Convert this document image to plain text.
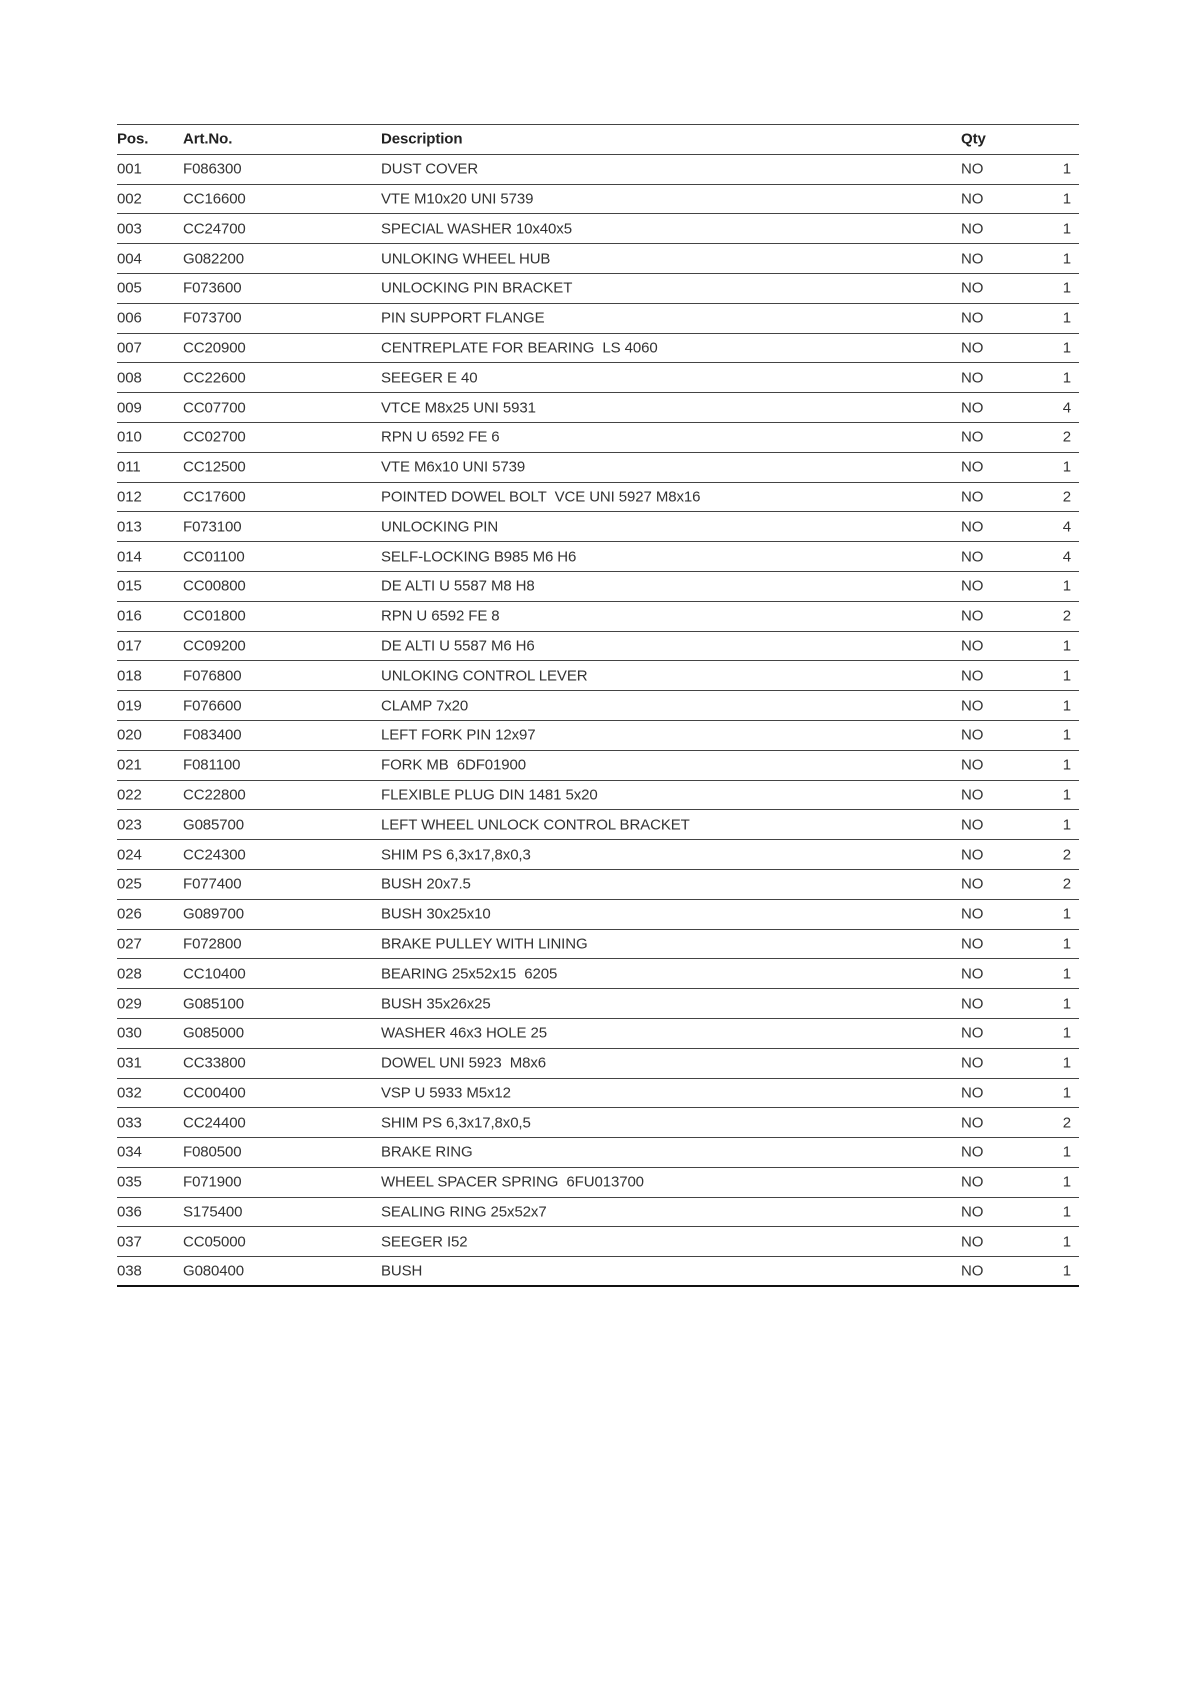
Pos. Art.No.	Description	Qty
001	F086300	DUST COVER	NO	1
002	CC16600	VTE M10x20 UNI 5739	NO	1
003	CC24700	SPECIAL WASHER 10x40x5	NO	1
004	G082200	UNLOKING WHEEL HUB	NO	1
005	F073600	UNLOCKING PIN BRACKET	NO	1
006	F073700	PIN SUPPORT FLANGE	NO	1
007	CC20900	CENTREPLATE FOR BEARING  LS 4060	NO	1
008	CC22600	SEEGER E 40	NO	1
009	CC07700	VTCE M8x25 UNI 5931	NO	4
010	CC02700	RPN U 6592 FE 6	NO	2
011	CC12500	VTE M6x10 UNI 5739	NO	1
012	CC17600	POINTED DOWEL BOLT  VCE UNI 5927 M8x16	NO	2
013	F073100	UNLOCKING PIN	NO	4
014	CC01100	SELF-LOCKING B985 M6 H6	NO	4
015	CC00800	DE ALTI U 5587 M8 H8	NO	1
016	CC01800	RPN U 6592 FE 8	NO	2
017	CC09200	DE ALTI U 5587 M6 H6	NO	1
018	F076800	UNLOKING CONTROL LEVER	NO	1
019	F076600	CLAMP 7x20	NO	1
020	F083400	LEFT FORK PIN 12x97	NO	1
021	F081100	FORK MB  6DF01900	NO	1
022	CC22800	FLEXIBLE PLUG DIN 1481 5x20	NO	1
023	G085700	LEFT WHEEL UNLOCK CONTROL BRACKET	NO	1
024	CC24300	SHIM PS 6,3x17,8x0,3	NO	2
025	F077400	BUSH 20x7.5	NO	2
026	G089700	BUSH 30x25x10	NO	1
027	F072800	BRAKE PULLEY WITH LINING	NO	1
028	CC10400	BEARING 25x52x15  6205	NO	1
029	G085100	BUSH 35x26x25	NO	1
030	G085000	WASHER 46x3 HOLE 25	NO	1
031	CC33800	DOWEL UNI 5923  M8x6	NO	1
032	CC00400	VSP U 5933 M5x12	NO	1
033	CC24400	SHIM PS 6,3x17,8x0,5	NO	2
034	F080500	BRAKE RING	NO	1
035	F071900	WHEEL SPACER SPRING  6FU013700	NO	1
036	S175400	SEALING RING 25x52x7	NO	1
037	CC05000	SEEGER I52	NO	1
038	G080400	BUSH	NO	1
